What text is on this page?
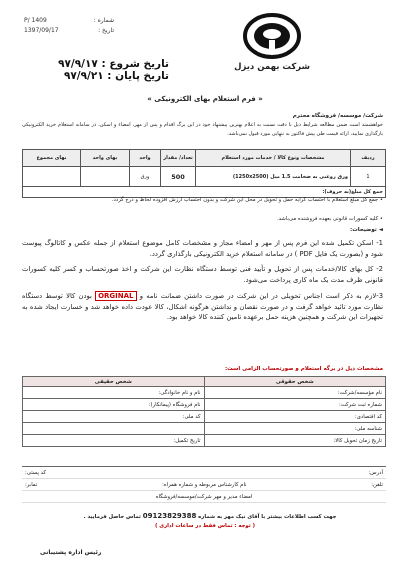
شماره :
P/ 1409
تاریخ :
1397/09/17
تاریخ شروع : ۹۷/۹/۱۷
تاریخ پایان : ۹۷/۹/۲۱
شرکت بهمن دیزل
« فرم استعلام بهای الکترونیکی »
شرکت/ موسسه/ فروشگاه محترم
خواهشمند است ضمن مطالعه شرایط ذیل با دقت نسبت به اعلام بهترین پیشنهاد خود در این برگ اقدام و پس از مهر، امضاء و اسکن، در سامانه استعلام خرید الکترونیکی بارگذاری نمایید، ارائه قیمت طی پیش فاکتور به تنهایی مورد قبول نمی‌باشد.
ردیف	مشخصات ونوع کالا / خدمات مورد استعلام	تعداد/ مقدار	واحد	بهای واحد	بهای مجموع
1	ورق روغنی به ضخامت 1.5 میل (1250x2500)	500	ورق		
جمع کل مبلغ(به حروف):					
• جمع کل مبلغ استعلام با احتساب کرایه حمل و تحویل در محل این شرکت و بدون احتساب ارزش افزوده لحاظ و درج گردد.
• کلیه کسورات قانونی بعهده فروشنده می‌باشد.
◄ توضیحات:
1- اسکن تکمیل شده این فرم پس از مهر و امضاء مجاز و مشخصات کامل موضوع استعلام از جمله عکس و کاتالوگ پیوست شود و (بصورت یک فایل PDF ) در سامانه استعلام خرید الکترونیکی بارگذاری گردد.
2- کل بهای کالا/خدمات پس از تحویل و تأیید فنی توسط دستگاه نظارت این شرکت و اخذ صورتحساب و کسر کلیه کسورات قانونی ظرف مدت یک ماه کاری پرداخت می‌شود.
3-لازم به ذکر است اجناس تحویلی در این شرکت در صورت داشتن ضمانت نامه و ORGINAL بودن کالا توسط دستگاه نظارت مورد تائید خواهد گرفت و در صورت نقصان و نداشتن هرگونه اشکال، کالا عودت داده خواهد شد و خسارت ایجاد شده به تجهیزات این شرکت و همچنین هزینه حمل برعهده تامین کننده کالا خواهد بود.
مشخصات ذیل در برگه استعلام و صورتحساب الزامی است:
شخص حقوقی	شخص حقیقی
نام مؤسسه/شرکت:	نام و نام خانوادگی:
شماره ثبت شرکت:	نام فروشگاه (پیمانکار):
کد اقتصادی:	کد ملی:
شناسه ملی:	
تاریخ زمان تحویل کالا:	تاریخ تکمیل:
آدرس:
کد پستی:
تلفن:
نام کارشناس مربوطه و شماره همراه:
نمابر:
امضاء مدیر و مهر شرکت/موسسه/فروشگاه
جهت کسب اطلاعات بیشتر با آقای نیک مهر به شماره 09123829388 تماس حاصل فرمایید .
( توجه : تماس فقط در ساعات اداری )
رئیس اداره پشتیبانی
